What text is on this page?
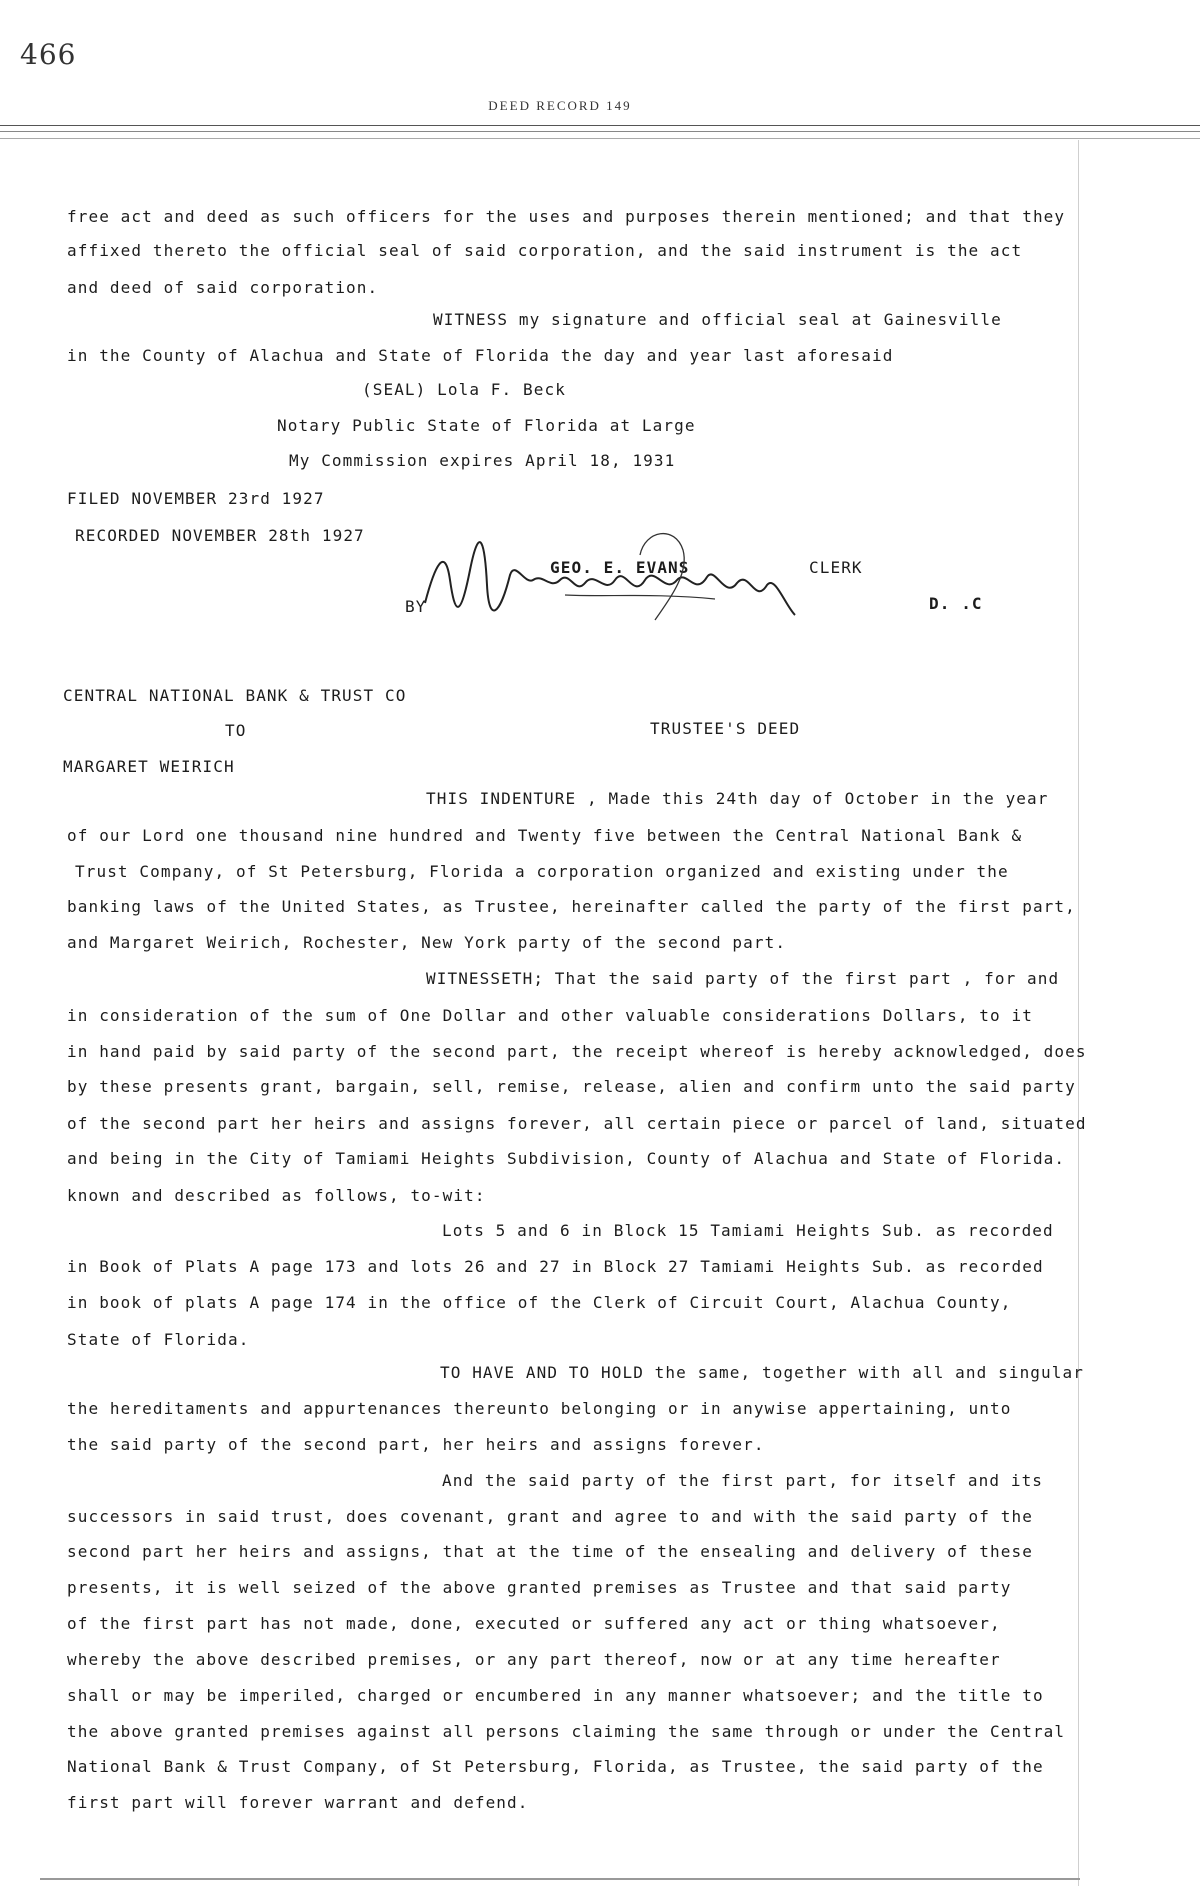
466
DEED RECORD 149
free act and deed as such officers for the uses and purposes therein mentioned; and that they
affixed thereto the official seal of said corporation, and the said instrument is the act
and deed of said corporation.
WITNESS my signature and official seal at Gainesville
in the County of Alachua and State of Florida the day and year last aforesaid
(SEAL) Lola F. Beck
Notary Public State of Florida at Large
My Commission expires April 18, 1931
FILED NOVEMBER 23rd 1927
RECORDED NOVEMBER 28th 1927
GEO. E. EVANS	CLERK
BY	D. .C
CENTRAL NATIONAL BANK & TRUST CO
TO	TRUSTEE'S DEED
MARGARET WEIRICH
THIS INDENTURE , Made this 24th day of October in the year
of our Lord one thousand nine hundred and Twenty five between the Central National Bank &
Trust Company, of St Petersburg, Florida a corporation organized and existing under the
banking laws of the United States, as Trustee, hereinafter called the party of the first part,
and Margaret Weirich, Rochester, New York party of the second part.
WITNESSETH; That the said party of the first part , for and
in consideration of the sum of One Dollar and other valuable considerations Dollars, to it
in hand paid by said party of the second part, the receipt whereof is hereby acknowledged, does
by these presents grant, bargain, sell, remise, release, alien and confirm unto the said party
of the second part her heirs and assigns forever, all certain piece or parcel of land, situated
and being in the City of Tamiami Heights Subdivision, County of Alachua and State of Florida.
known and described as follows, to-wit:
Lots 5 and 6 in Block 15 Tamiami Heights Sub. as recorded
in Book of Plats A page 173 and lots 26 and 27 in Block 27 Tamiami Heights Sub. as recorded
in book of plats A page 174 in the office of the Clerk of Circuit Court, Alachua County,
State of Florida.
TO HAVE AND TO HOLD the same, together with all and singular
the hereditaments and appurtenances thereunto belonging or in anywise appertaining, unto
the said party of the second part, her heirs and assigns forever.
And the said party of the first part, for itself and its
successors in said trust, does covenant, grant and agree to and with the said party of the
second part her heirs and assigns, that at the time of the ensealing and delivery of these
presents, it is well seized of the above granted premises as Trustee and that said party
of the first part has not made, done, executed or suffered any act or thing whatsoever,
whereby the above described premises, or any part thereof, now or at any time hereafter
shall or may be imperiled, charged or encumbered in any manner whatsoever; and the title to
the above granted premises against all persons claiming the same through or under the Central
National Bank & Trust Company, of St Petersburg, Florida, as Trustee, the said party of the
first part will forever warrant and defend.
